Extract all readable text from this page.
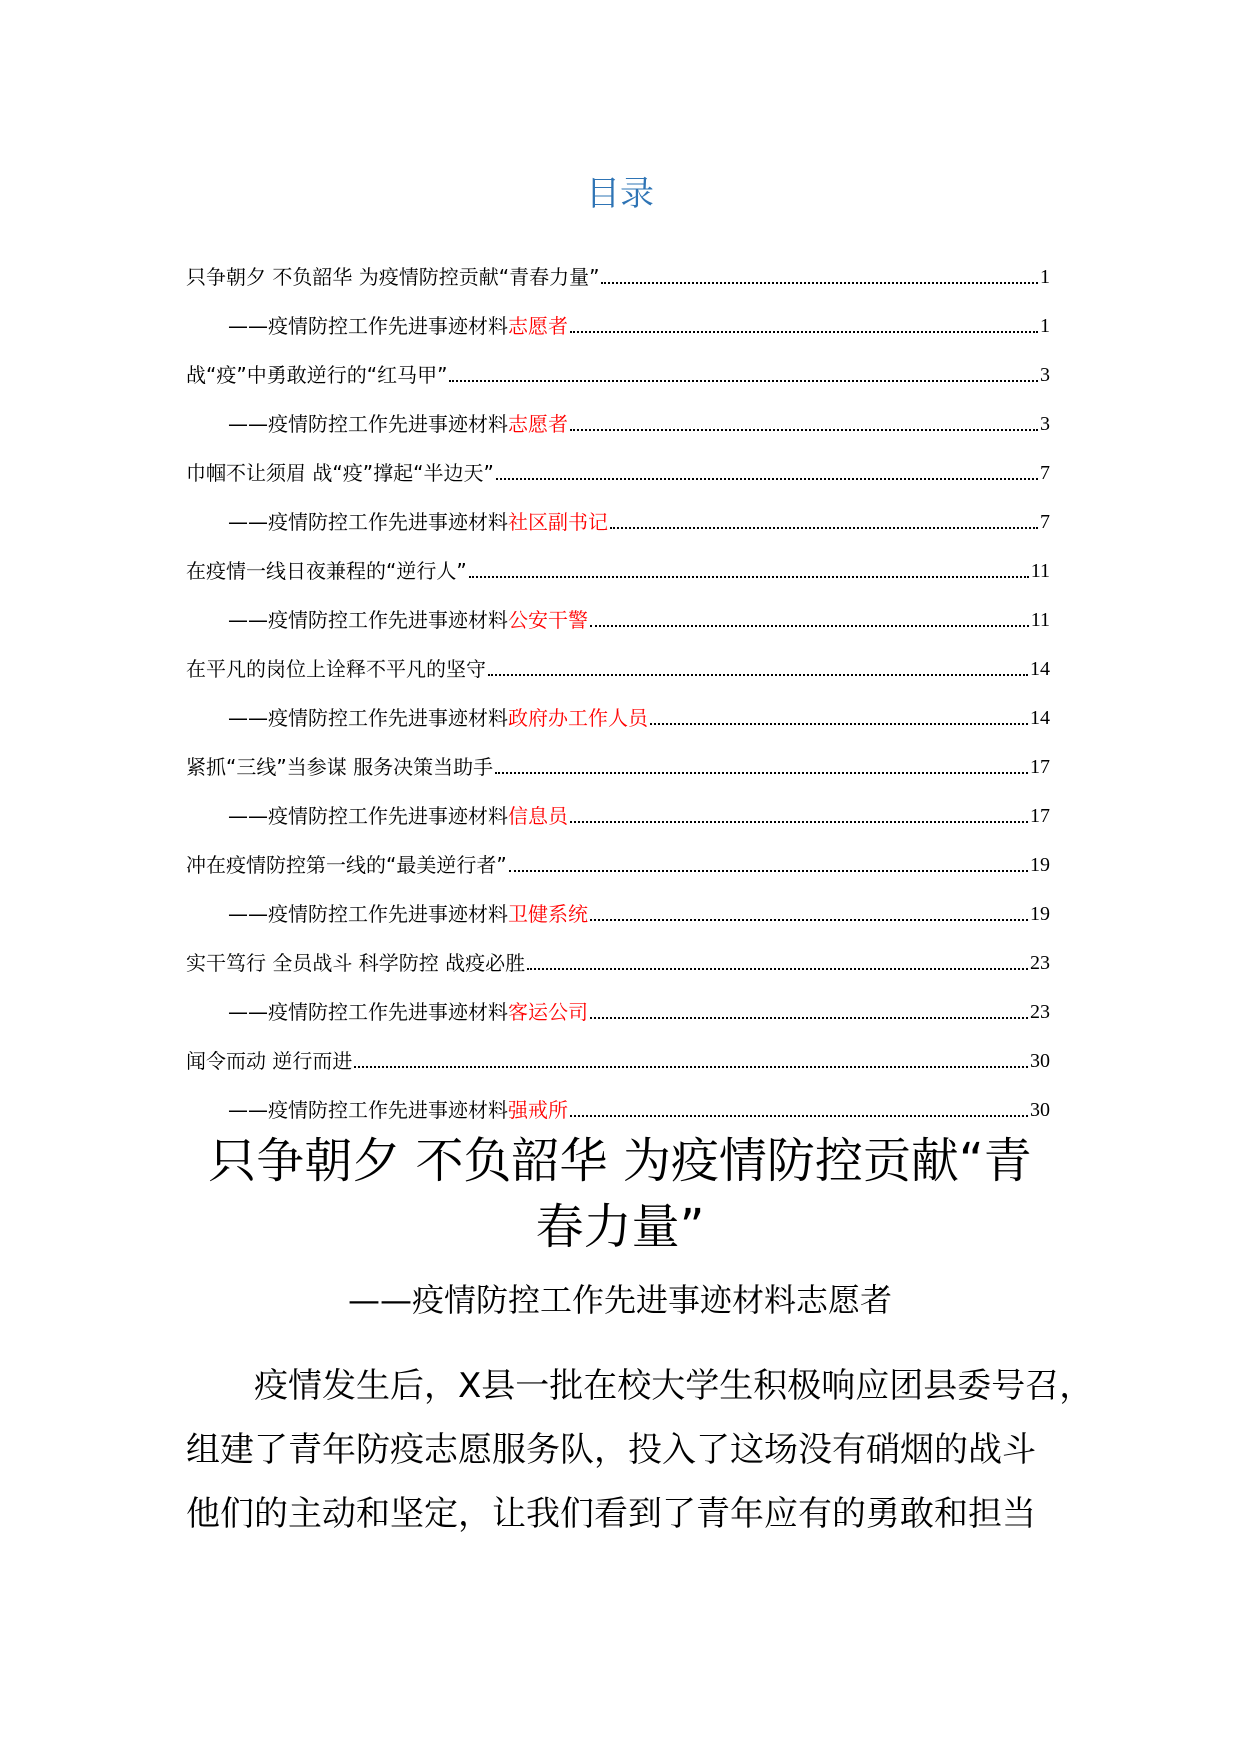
目录
只争朝夕 不负韶华 为疫情防控贡献“青春力量”	1
——疫情防控工作先进事迹材料志愿者	1
战“疫”中勇敢逆行的“红马甲”	3
——疫情防控工作先进事迹材料志愿者	3
巾帼不让须眉 战“疫”撑起“半边天”	7
——疫情防控工作先进事迹材料社区副书记	7
在疫情一线日夜兼程的“逆行人”	11
——疫情防控工作先进事迹材料公安干警	11
在平凡的岗位上诠释不平凡的坚守	14
——疫情防控工作先进事迹材料政府办工作人员	14
紧抓“三线”当参谋 服务决策当助手	17
——疫情防控工作先进事迹材料信息员	17
冲在疫情防控第一线的“最美逆行者”	19
——疫情防控工作先进事迹材料卫健系统	19
实干笃行 全员战斗 科学防控 战疫必胜	23
——疫情防控工作先进事迹材料客运公司	23
闻令而动 逆行而进	30
——疫情防控工作先进事迹材料强戒所	30
只争朝夕 不负韶华 为疫情防控贡献“青
春力量”
——疫情防控工作先进事迹材料志愿者
疫情发生后，X县一批在校大学生积极响应团县委号召，
组建了青年防疫志愿服务队，投入了这场没有硝烟的战斗
他们的主动和坚定，让我们看到了青年应有的勇敢和担当
